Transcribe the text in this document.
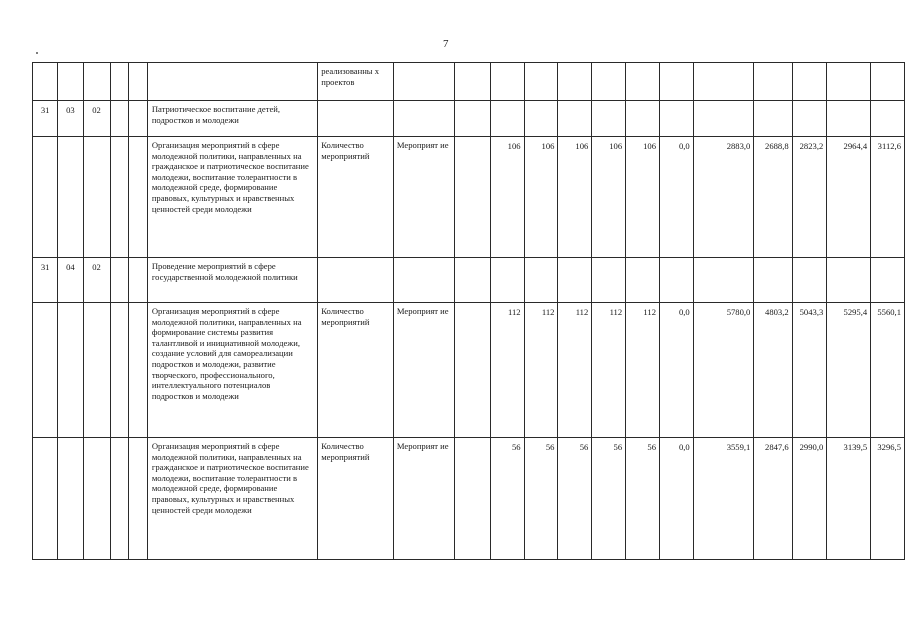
7
						реализованны х проектов													
31	03	02			Патриотическое воспитание детей, подростков и молодежи														
					Организация мероприятий в сфере молодежной политики, направленных на гражданское и патриотическое воспитание молодежи, воспитание толерантности в молодежной среде, формирование правовых, культурных и нравственных ценностей среди молодежи	Количество мероприятий	Мероприят ие		106	106	106	106	106	0,0	2883,0	2688,8	2823,2	2964,4	3112,6
31	04	02			Проведение мероприятий в сфере государственной молодежной политики														
					Организация мероприятий в сфере молодежной политики, направленных на формирование системы развития талантливой и инициативной молодежи, создание условий для самореализации подростков и молодежи, развитие творческого, профессионального, интеллектуального потенциалов подростков и молодежи	Количество мероприятий	Мероприят ие		112	112	112	112	112	0,0	5780,0	4803,2	5043,3	5295,4	5560,1
					Организация мероприятий в сфере молодежной политики, направленных на гражданское и патриотическое воспитание молодежи, воспитание толерантности в молодежной среде, формирование правовых, культурных и нравственных ценностей среди молодежи	Количество мероприятий	Мероприят ие		56	56	56	56	56	0,0	3559,1	2847,6	2990,0	3139,5	3296,5
